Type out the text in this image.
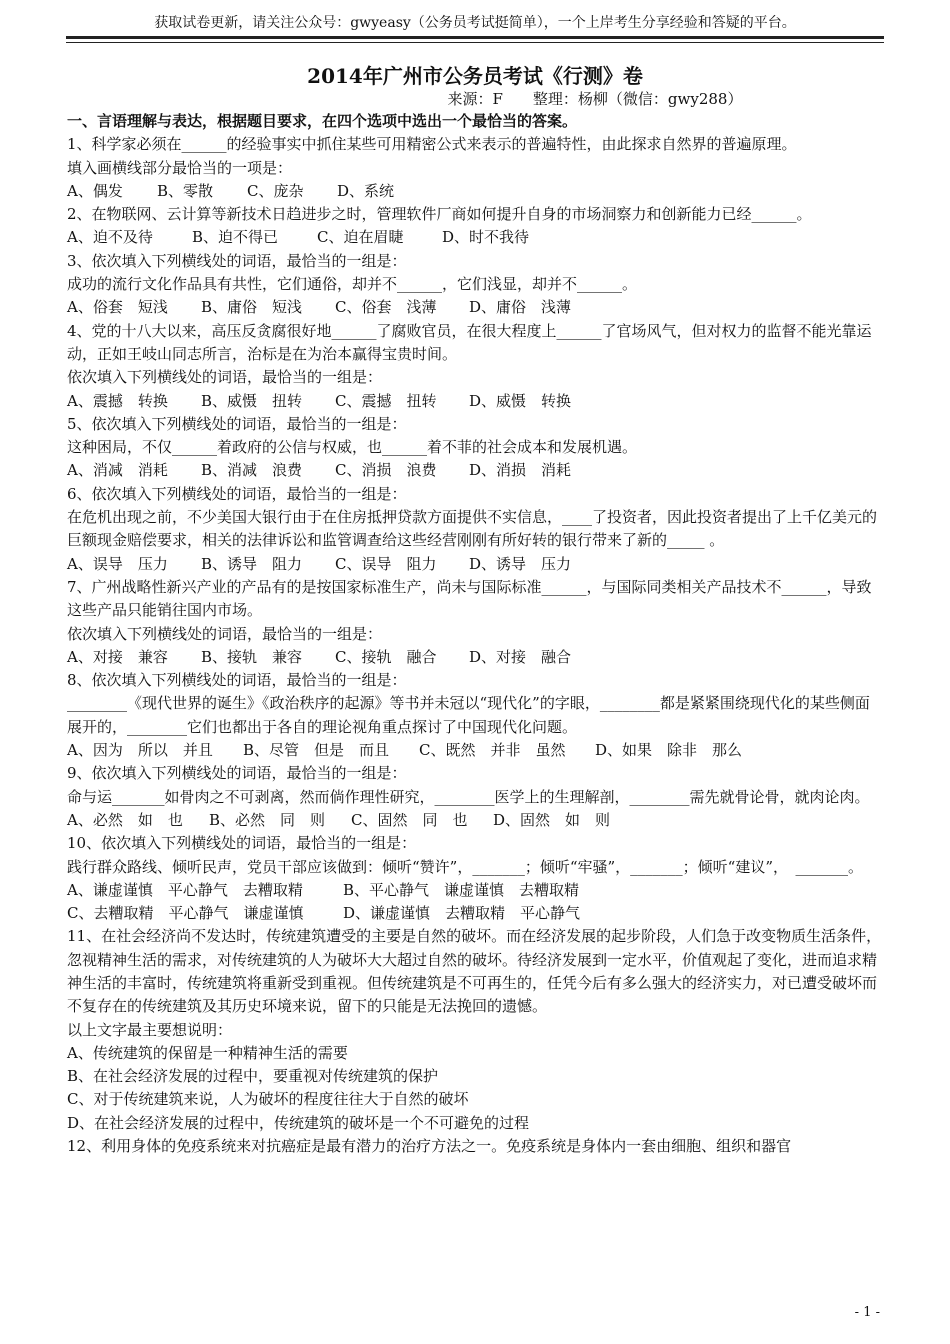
获取试卷更新，请关注公众号：gwyeasy（公务员考试挺简单），一个上岸考生分享经验和答疑的平台。
2014年广州市公务员考试《行测》卷
来源：F　　整理：杨柳（微信：gwy288）

一、言语理解与表达，根据题目要求，在四个选项中选出一个最恰当的答案。

1、科学家必须在______的经验事实中抓住某些可用精密公式来表示的普遍特性，由此探求自然界的普遍原理。

填入画横线部分最恰当的一项是：

A、偶发 B、零散 C、庞杂 D、系统

2、在物联网、云计算等新技术日趋进步之时，管理软件厂商如何提升自身的市场洞察力和创新能力已经______。

A、迫不及待	B、迫不得已	C、迫在眉睫	D、时不我待

3、依次填入下列横线处的词语，最恰当的一组是：

成功的流行文化作品具有共性，它们通俗，却并不______，它们浅显，却并不______。

A、俗套　短浅 B、庸俗　短浅 C、俗套　浅薄 D、庸俗　浅薄

4、党的十八大以来，高压反贪腐很好地______了腐败官员，在很大程度上______了官场风气，但对权力的监督不能光靠运动，正如王岐山同志所言，治标是在为治本赢得宝贵时间。

依次填入下列横线处的词语，最恰当的一组是：

A、震撼　转换 B、威慑　扭转 C、震撼　扭转 D、威慑　转换

5、依次填入下列横线处的词语，最恰当的一组是：

这种困局，不仅______着政府的公信与权威，也______着不菲的社会成本和发展机遇。

A、消减　消耗 B、消减　浪费 C、消损　浪费 D、消损　消耗

6、依次填入下列横线处的词语，最恰当的一组是：

在危机出现之前，不少美国大银行由于在住房抵押贷款方面提供不实信息，____了投资者，因此投资者提出了上千亿美元的巨额现金赔偿要求，相关的法律诉讼和监管调查给这些经营刚刚有所好转的银行带来了新的_____ 。

A、误导　压力 B、诱导　阻力 C、误导　阻力 D、诱导　压力

7、广州战略性新兴产业的产品有的是按国家标准生产，尚未与国际标准______，与国际同类相关产品技术不______，导致这些产品只能销往国内市场。

依次填入下列横线处的词语，最恰当的一组是：

A、对接　兼容 B、接轨　兼容 C、接轨　融合 D、对接　融合

8、依次填入下列横线处的词语，最恰当的一组是：

________《现代世界的诞生》《政治秩序的起源》等书并未冠以“现代化”的字眼，________都是紧紧围绕现代化的某些侧面展开的，________它们也都出于各自的理论视角重点探讨了中国现代化问题。

A、因为　所以　并且 B、尽管　但是　而且 C、既然　并非　虽然 D、如果　除非　那么

9、依次填入下列横线处的词语，最恰当的一组是：

命与运_______如骨肉之不可剥离，然而倘作理性研究，________医学上的生理解剖，________需先就骨论骨，就肉论肉。

A、必然　如　也 B、必然　同　则 C、固然　同　也 D、固然　如　则

10、依次填入下列横线处的词语，最恰当的一组是：

践行群众路线、倾听民声，党员干部应该做到：倾听“赞许”，_______；倾听“牢骚”，_______；倾听“建议”，　_______。

A、谦虚谨慎　平心静气　去糟取精	B、平心静气　谦虚谨慎　去糟取精

C、去糟取精　平心静气　谦虚谨慎	D、谦虚谨慎　去糟取精　平心静气

11、在社会经济尚不发达时，传统建筑遭受的主要是自然的破坏。而在经济发展的起步阶段，人们急于改变物质生活条件，忽视精神生活的需求，对传统建筑的人为破坏大大超过自然的破坏。待经济发展到一定水平，价值观起了变化，进而追求精神生活的丰富时，传统建筑将重新受到重视。但传统建筑是不可再生的，任凭今后有多么强大的经济实力，对已遭受破坏而不复存在的传统建筑及其历史环境来说，留下的只能是无法挽回的遗憾。

以上文字最主要想说明：

A、传统建筑的保留是一种精神生活的需要

B、在社会经济发展的过程中，要重视对传统建筑的保护

C、对于传统建筑来说，人为破坏的程度往往大于自然的破坏

D、在社会经济发展的过程中，传统建筑的破坏是一个不可避免的过程

12、利用身体的免疫系统来对抗癌症是最有潜力的治疗方法之一。免疫系统是身体内一套由细胞、组织和器官

- 1 -
